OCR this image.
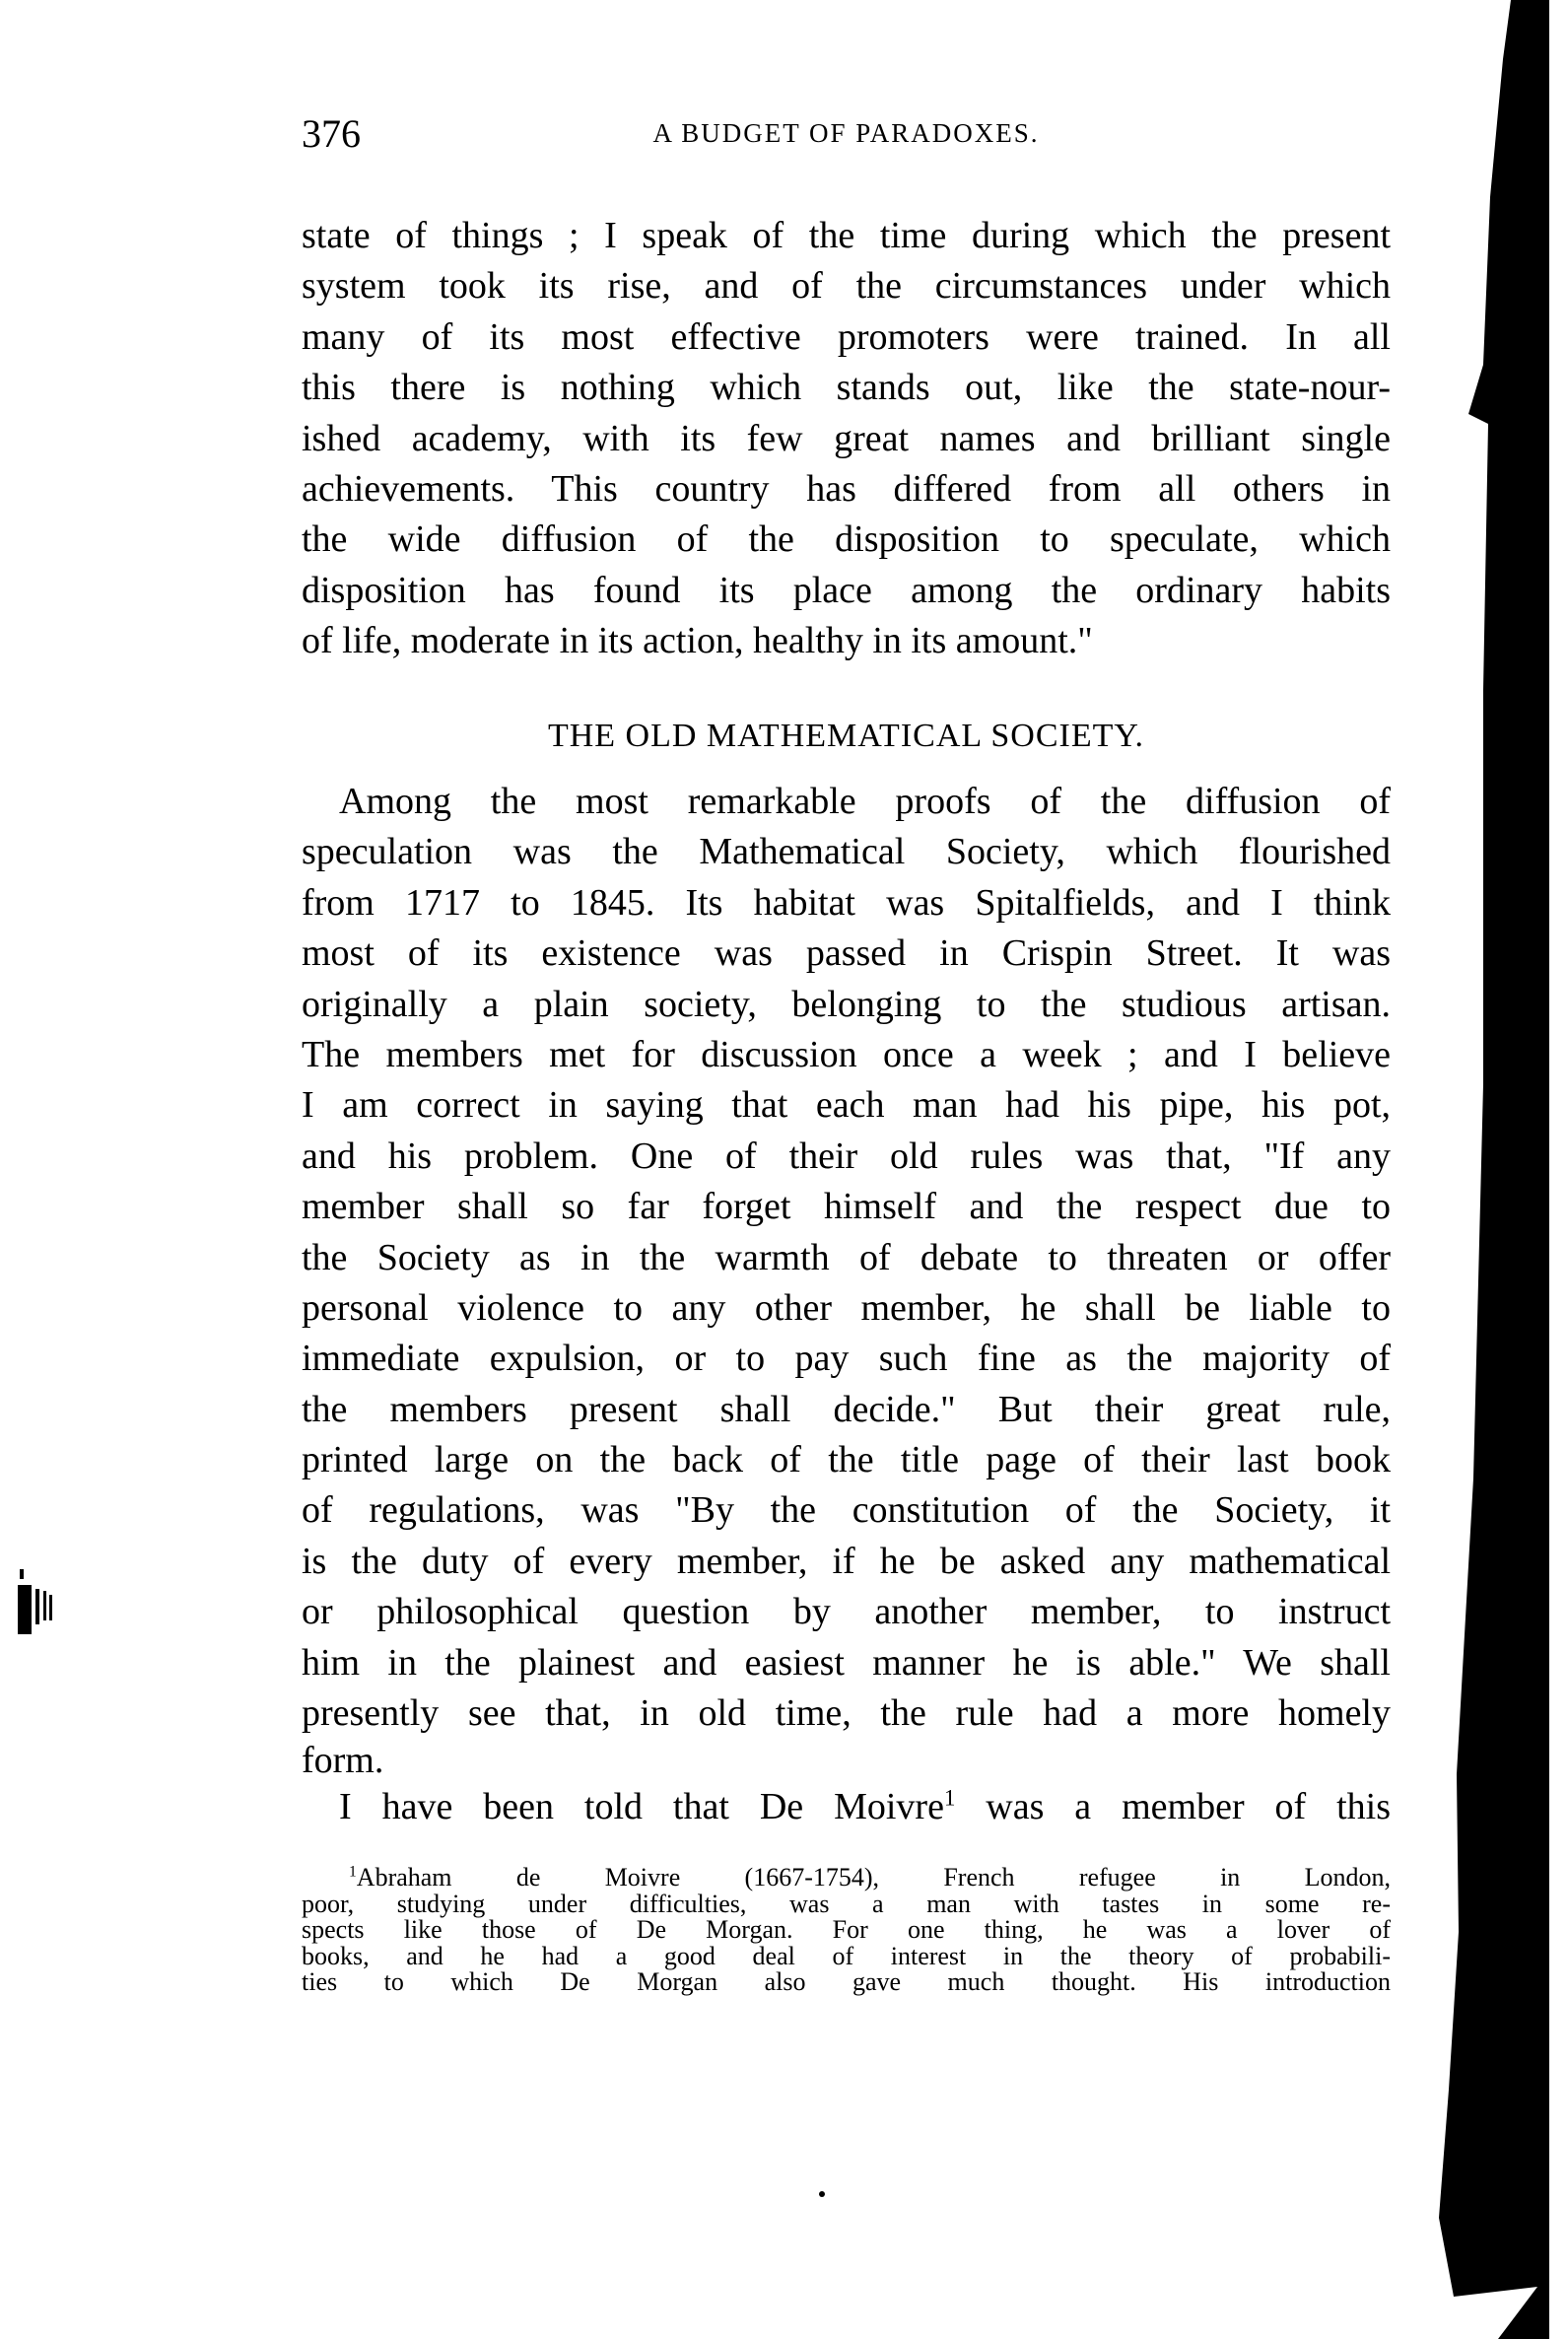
376	A BUDGET OF PARADOXES.
state of things ; I speak of the time during which the present
system took its rise, and of the circumstances under which
many of its most effective promoters were trained. In all
this there is nothing which stands out, like the state-nour-
ished academy, with its few great names and brilliant single
achievements. This country has differed from all others in
the wide diffusion of the disposition to speculate, which
disposition has found its place among the ordinary habits
of life, moderate in its action, healthy in its amount."
THE OLD MATHEMATICAL SOCIETY.
Among the most remarkable proofs of the diffusion of
speculation was the Mathematical Society, which flourished
from 1717 to 1845. Its habitat was Spitalfields, and I think
most of its existence was passed in Crispin Street. It was
originally a plain society, belonging to the studious artisan.
The members met for discussion once a week ; and I believe
I am correct in saying that each man had his pipe, his pot,
and his problem. One of their old rules was that, "If any
member shall so far forget himself and the respect due to
the Society as in the warmth of debate to threaten or offer
personal violence to any other member, he shall be liable to
immediate expulsion, or to pay such fine as the majority of
the members present shall decide." But their great rule,
printed large on the back of the title page of their last book
of regulations, was "By the constitution of the Society, it
is the duty of every member, if he be asked any mathematical
or philosophical question by another member, to instruct
him in the plainest and easiest manner he is able." We shall
presently see that, in old time, the rule had a more homely
form.
I have been told that De Moivre$^1$ was a member of this
$^1$Abraham de Moivre (1667-1754), French refugee in London,
poor, studying under difficulties, was a man with tastes in some re-
spects like those of De Morgan. For one thing, he was a lover of
books, and he had a good deal of interest in the theory of probabili-
ties to which De Morgan also gave much thought. His introduction
